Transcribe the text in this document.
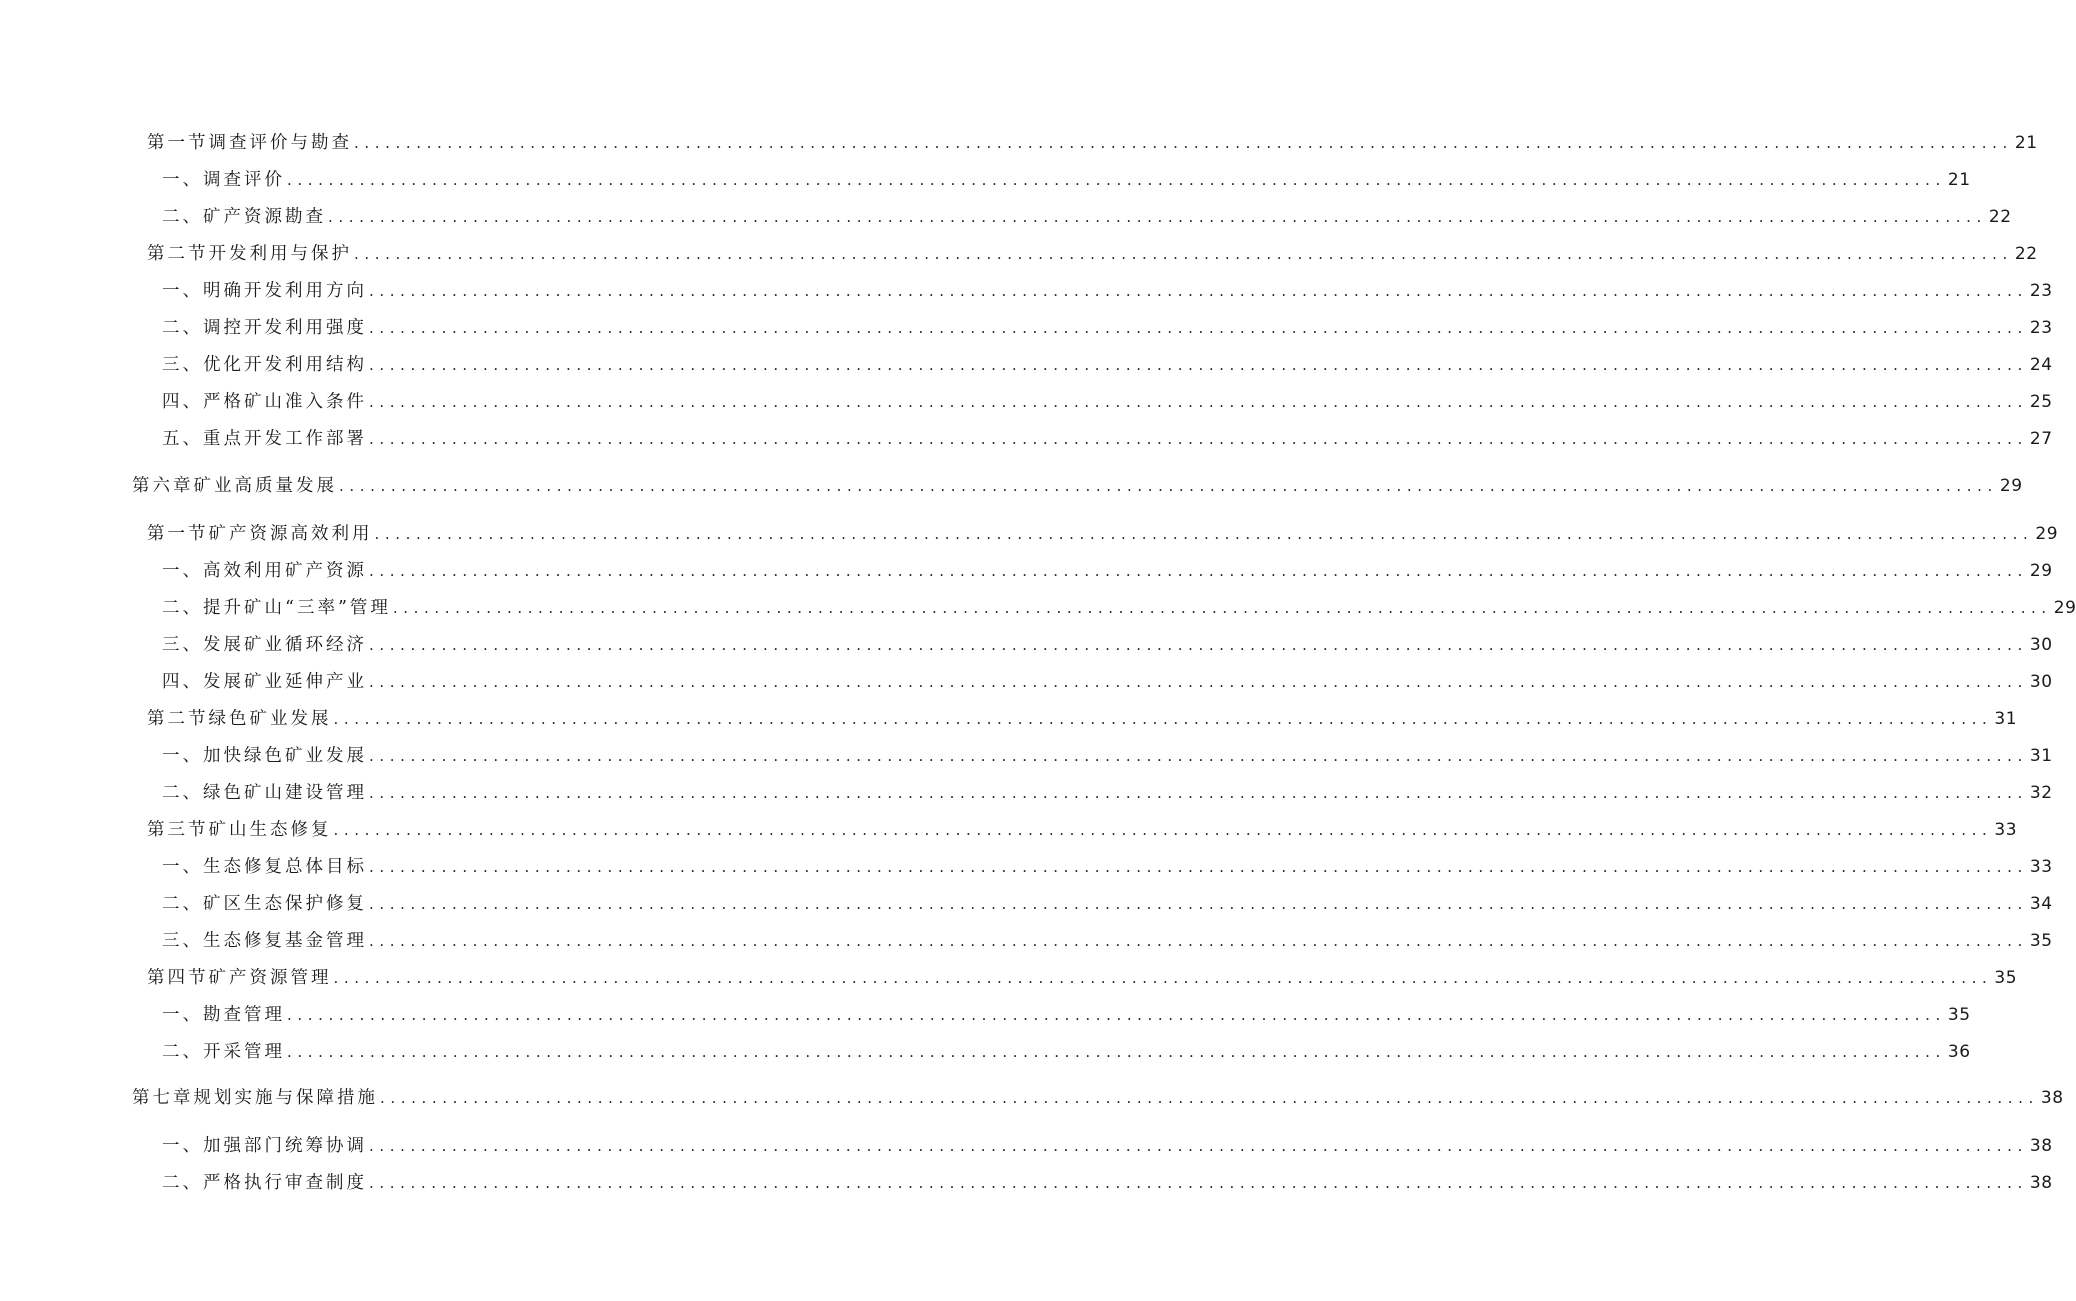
第一节调查评价与勘查 ................................................................................................................................................................ 21
一、调查评价 ................................................................................................................................................................ 21
二、矿产资源勘查 ................................................................................................................................................................ 22
第二节开发利用与保护 ................................................................................................................................................................ 22
一、明确开发利用方向 ................................................................................................................................................................ 23
二、调控开发利用强度 ................................................................................................................................................................ 23
三、优化开发利用结构 ................................................................................................................................................................ 24
四、严格矿山准入条件 ................................................................................................................................................................ 25
五、重点开发工作部署 ................................................................................................................................................................ 27
第六章矿业高质量发展 ................................................................................................................................................................ 29
第一节矿产资源高效利用 ................................................................................................................................................................ 29
一、高效利用矿产资源 ................................................................................................................................................................ 29
二、提升矿山“三率”管理 ................................................................................................................................................................ 29
三、发展矿业循环经济 ................................................................................................................................................................ 30
四、发展矿业延伸产业 ................................................................................................................................................................ 30
第二节绿色矿业发展 ................................................................................................................................................................ 31
一、加快绿色矿业发展 ................................................................................................................................................................ 31
二、绿色矿山建设管理 ................................................................................................................................................................ 32
第三节矿山生态修复 ................................................................................................................................................................ 33
一、生态修复总体目标 ................................................................................................................................................................ 33
二、矿区生态保护修复 ................................................................................................................................................................ 34
三、生态修复基金管理 ................................................................................................................................................................ 35
第四节矿产资源管理 ................................................................................................................................................................ 35
一、勘查管理 ................................................................................................................................................................ 35
二、开采管理 ................................................................................................................................................................ 36
第七章规划实施与保障措施 ................................................................................................................................................................ 38
一、加强部门统筹协调 ................................................................................................................................................................ 38
二、严格执行审查制度 ................................................................................................................................................................ 38
